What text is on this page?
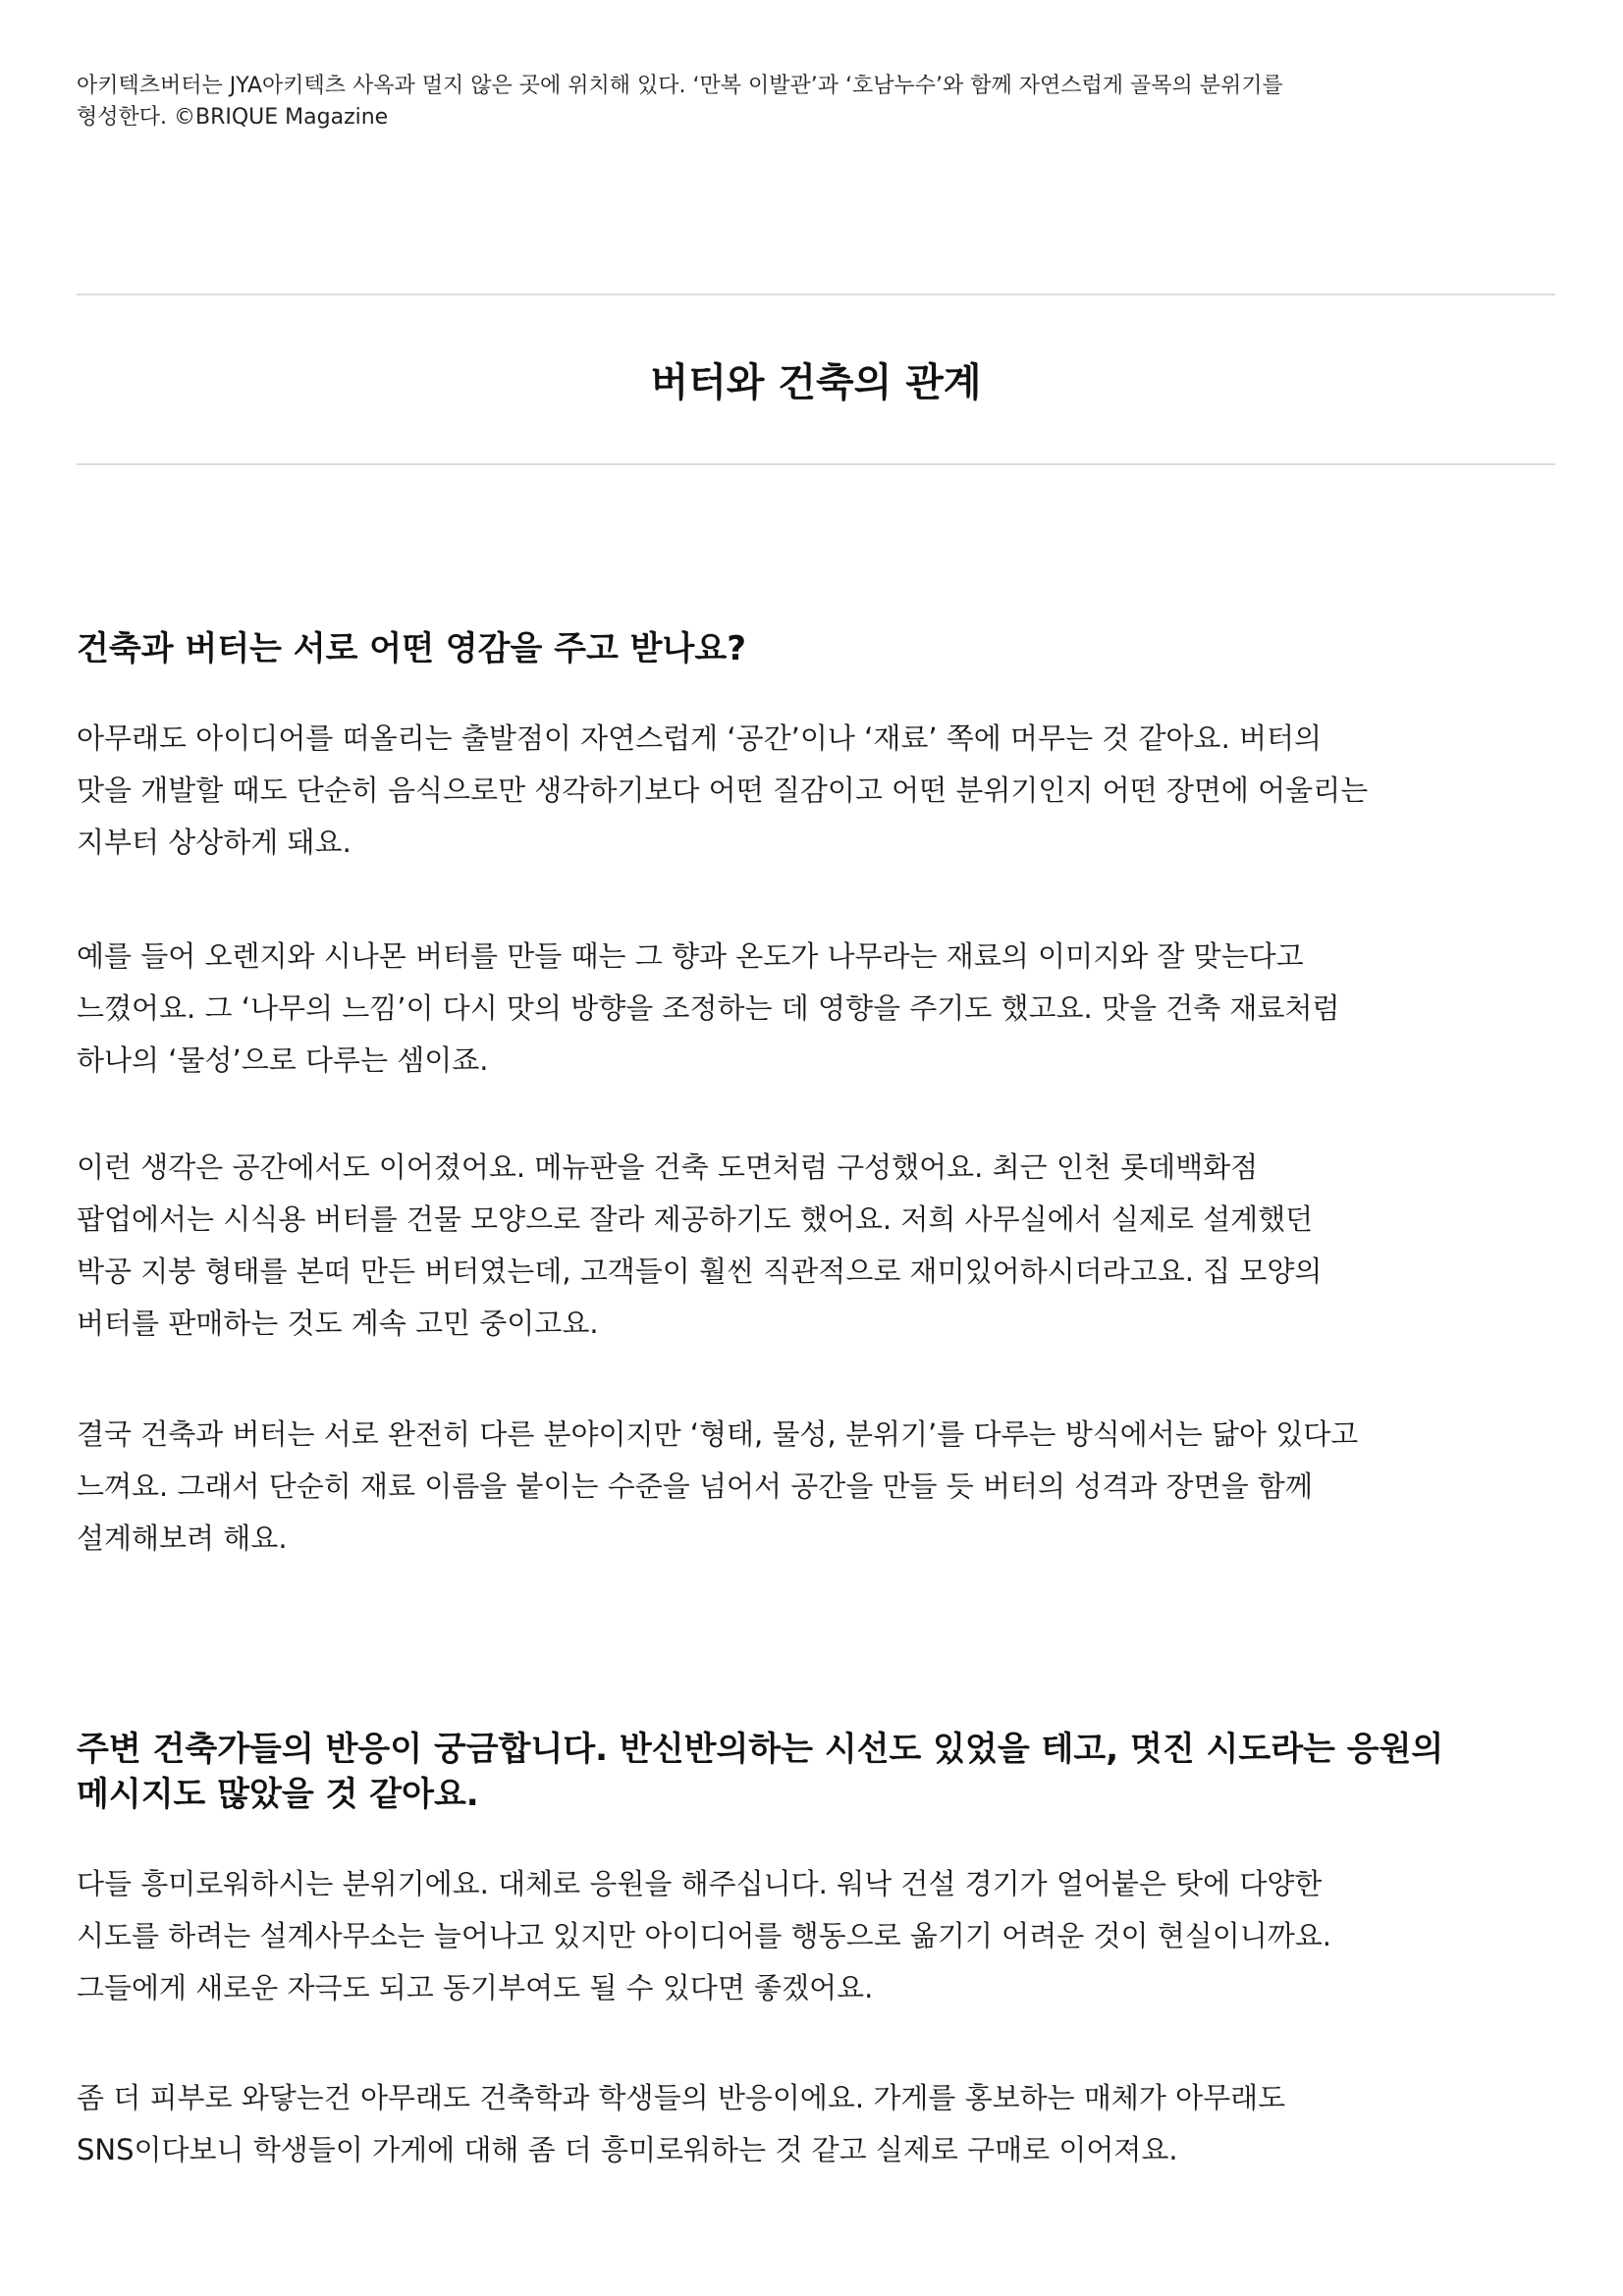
아키텍츠버터는 JYA아키텍츠 사옥과 멀지 않은 곳에 위치해 있다. ‘만복 이발관’과 ‘호남누수’와 함께 자연스럽게 골목의 분위기를
형성한다. ©BRIQUE Magazine

버터와 건축의 관계
건축과 버터는 서로 어떤 영감을 주고 받나요?

아무래도 아이디어를 떠올리는 출발점이 자연스럽게 ‘공간’이나 ‘재료’ 쪽에 머무는 것 같아요. 버터의
맛을 개발할 때도 단순히 음식으로만 생각하기보다 어떤 질감이고 어떤 분위기인지 어떤 장면에 어울리는
지부터 상상하게 돼요.

예를 들어 오렌지와 시나몬 버터를 만들 때는 그 향과 온도가 나무라는 재료의 이미지와 잘 맞는다고
느꼈어요. 그 ‘나무의 느낌’이 다시 맛의 방향을 조정하는 데 영향을 주기도 했고요. 맛을 건축 재료처럼
하나의 ‘물성’으로 다루는 셈이죠.

이런 생각은 공간에서도 이어졌어요. 메뉴판을 건축 도면처럼 구성했어요. 최근 인천 롯데백화점
팝업에서는 시식용 버터를 건물 모양으로 잘라 제공하기도 했어요. 저희 사무실에서 실제로 설계했던
박공 지붕 형태를 본떠 만든 버터였는데, 고객들이 훨씬 직관적으로 재미있어하시더라고요. 집 모양의
버터를 판매하는 것도 계속 고민 중이고요.

결국 건축과 버터는 서로 완전히 다른 분야이지만 ‘형태, 물성, 분위기’를 다루는 방식에서는 닮아 있다고
느껴요. 그래서 단순히 재료 이름을 붙이는 수준을 넘어서 공간을 만들 듯 버터의 성격과 장면을 함께
설계해보려 해요.

주변 건축가들의 반응이 궁금합니다. 반신반의하는 시선도 있었을 테고, 멋진 시도라는 응원의
메시지도 많았을 것 같아요.

다들 흥미로워하시는 분위기에요. 대체로 응원을 해주십니다. 워낙 건설 경기가 얼어붙은 탓에 다양한
시도를 하려는 설계사무소는 늘어나고 있지만 아이디어를 행동으로 옮기기 어려운 것이 현실이니까요.
그들에게 새로운 자극도 되고 동기부여도 될 수 있다면 좋겠어요.

좀 더 피부로 와닿는건 아무래도 건축학과 학생들의 반응이에요. 가게를 홍보하는 매체가 아무래도
SNS이다보니 학생들이 가게에 대해 좀 더 흥미로워하는 것 같고 실제로 구매로 이어져요.
